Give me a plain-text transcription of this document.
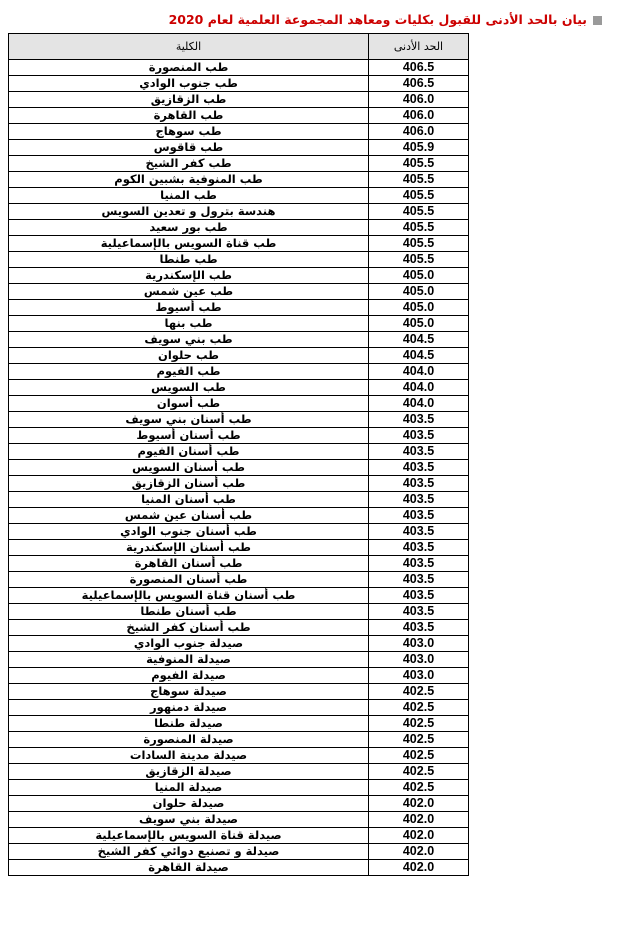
بيان بالحد الأدنى للقبول بكليات ومعاهد المجموعة العلمية لعام 2020
الكلية	الحد الأدنى
طب المنصورة	406.5
طب جنوب الوادي	406.5
طب الزقازيق	406.0
طب القاهرة	406.0
طب سوهاج	406.0
طب قاقوس	405.9
طب كفر الشيخ	405.5
طب المنوفية بشبين الكوم	405.5
طب المنيا	405.5
هندسة بترول و تعدين السويس	405.5
طب بور سعيد	405.5
طب قناة السويس بالإسماعيلية	405.5
طب طنطا	405.5
طب الإسكندرية	405.0
طب عين شمس	405.0
طب أسيوط	405.0
طب بنها	405.0
طب بني سويف	404.5
طب حلوان	404.5
طب الفيوم	404.0
طب السويس	404.0
طب أسوان	404.0
طب أسنان بني سويف	403.5
طب أسنان أسيوط	403.5
طب أسنان الفيوم	403.5
طب أسنان السويس	403.5
طب أسنان الزقازيق	403.5
طب أسنان المنيا	403.5
طب أسنان عين شمس	403.5
طب أسنان جنوب الوادي	403.5
طب أسنان الإسكندرية	403.5
طب أسنان القاهرة	403.5
طب أسنان المنصورة	403.5
طب أسنان قناة السويس بالإسماعيلية	403.5
طب أسنان طنطا	403.5
طب أسنان كفر الشيخ	403.5
صيدلة جنوب الوادي	403.0
صيدلة المنوفية	403.0
صيدلة الفيوم	403.0
صيدلة سوهاج	402.5
صيدلة دمنهور	402.5
صيدلة طنطا	402.5
صيدلة المنصورة	402.5
صيدلة مدينة السادات	402.5
صيدلة الزقازيق	402.5
صيدلة المنيا	402.5
صيدلة حلوان	402.0
صيدلة بني سويف	402.0
صيدلة قناة السويس بالإسماعيلية	402.0
صيدلة و تصنيع دوائي كفر الشيخ	402.0
صيدلة القاهرة	402.0
